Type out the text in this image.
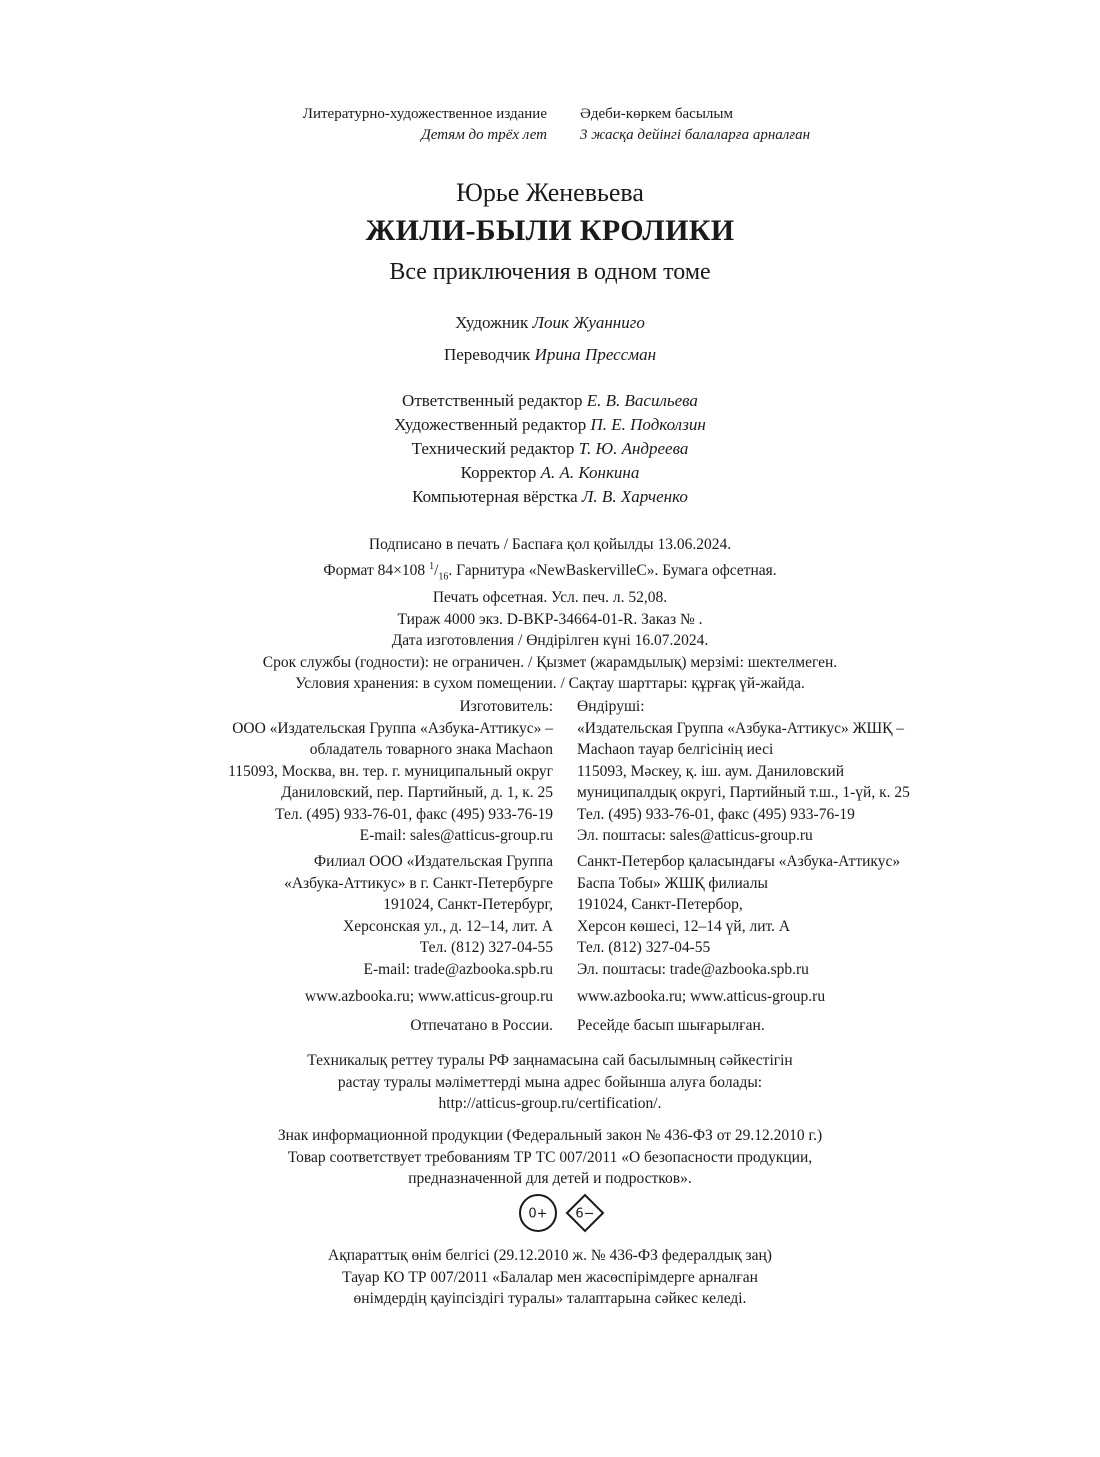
Литературно-художественное издание
Детям до трёх лет
Әдеби-көркем басылым
3 жасқа дейінгі балаларға арналған
Юрье Женевьева
ЖИЛИ-БЫЛИ КРОЛИКИ
Все приключения в одном томе
Художник Лоик Жуаннигo
Переводчик Ирина Прессман
Ответственный редактор Е. В. Васильева
Художественный редактор П. Е. Подколзин
Технический редактор Т. Ю. Андреева
Корректор А. А. Конкина
Компьютерная вёрстка Л. В. Харченко
Подписано в печать / Баспаға қол қойылды 13.06.2024.
Формат 84×108 $^1/_{16}$. Гарнитура «NewBaskervilleC». Бумага офсетная.
Печать офсетная. Усл. печ. л. 52,08.
Тираж 4000 экз. D-BKP-34664-01-R. Заказ № .
Дата изготовления / Өндірілген күні 16.07.2024.
Срок службы (годности): не ограничен. / Қызмет (жарамдылық) мерзімі: шектелмеген.
Условия хранения: в сухом помещении. / Сақтау шарттары: құрғақ үй-жайда.
Изготовитель:
ООО «Издательская Группа «Азбука-Аттикус» –
обладатель товарного знака Machaon
115093, Москва, вн. тер. г. муниципальный округ
Даниловский, пер. Партийный, д. 1, к. 25
Тел. (495) 933-76-01, факс (495) 933-76-19
E-mail: sales@atticus-group.ru
Өндіруші:
«Издательская Группа «Азбука-Аттикус» ЖШҚ –
Machaon тауар белгісінің иесі
115093, Мәскеу, қ. іш. аум. Даниловский
муниципалдық округі, Партийный т.ш., 1-үй, к. 25
Тел. (495) 933-76-01, факс (495) 933-76-19
Эл. поштасы: sales@atticus-group.ru
Филиал ООО «Издательская Группа
«Азбука-Аттикус» в г. Санкт-Петербурге
191024, Санкт-Петербург,
Херсонская ул., д. 12–14, лит. А
Тел. (812) 327-04-55
E-mail: trade@azbooka.spb.ru
Санкт-Петербор қаласындағы «Азбука-Аттикус»
Баспа Тобы» ЖШҚ филиалы
191024, Санкт-Петербор,
Херсон көшесі, 12–14 үй, лит. А
Тел. (812) 327-04-55
Эл. поштасы: trade@azbooka.spb.ru
www.azbooka.ru; www.atticus-group.ru www.azbooka.ru; www.atticus-group.ru
Отпечатано в России. Ресейде басып шығарылған.
Техникалық реттеу туралы РФ заңнамасына сай басылымның сәйкестігін
растау туралы мәліметтерді мына адрес бойынша алуға болады:
http://atticus-group.ru/certification/.
Знак информационной продукции (Федеральный закон № 436-ФЗ от 29.12.2010 г.)
Товар соответствует требованиям ТР ТС 007/2011 «О безопасности продукции,
предназначенной для детей и подростков».
0+ 6−
Ақпараттық өнім белгісі (29.12.2010 ж. № 436-ФЗ федералдық заң)
Тауар КО ТР 007/2011 «Балалар мен жасөспірімдерге арналған
өнімдердің қауіпсіздігі туралы» талаптарына сәйкес келеді.
